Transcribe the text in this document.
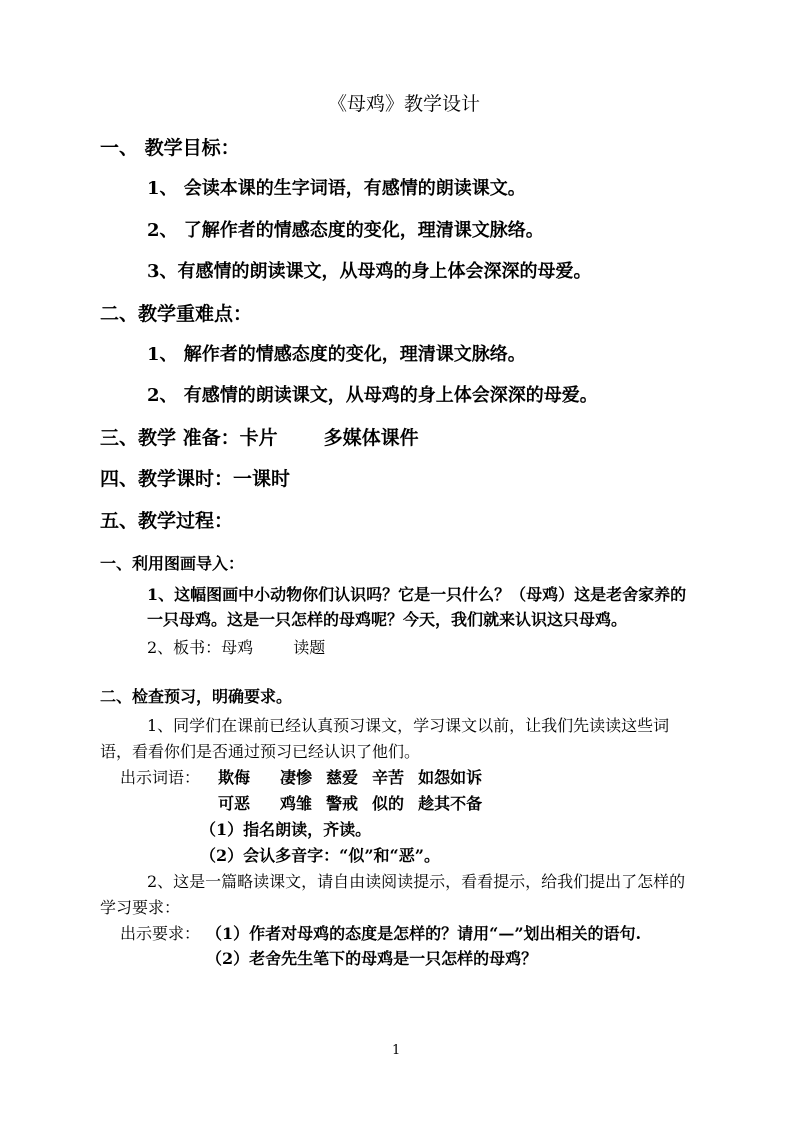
《母鸡》教学设计
一、 教学目标：
1、 会读本课的生字词语，有感情的朗读课文。
2、 了解作者的情感态度的变化，理清课文脉络。
3、有感情的朗读课文，从母鸡的身上体会深深的母爱。
二、教学重难点：
1、 解作者的情感态度的变化，理清课文脉络。
2、 有感情的朗读课文，从母鸡的身上体会深深的母爱。
三、教学 准备：卡片 多媒体课件
四、教学课时：一课时
五、教学过程：
一、利用图画导入：
1、这幅图画中小动物你们认识吗？它是一只什么？（母鸡）这是老舍家养的
一只母鸡。这是一只怎样的母鸡呢？今天，我们就来认识这只母鸡。
2、板书：母鸡	读题
二、检查预习，明确要求。
1、同学们在课前已经认真预习课文，学习课文以前，让我们先读读这些词
语，看看你们是否通过预习已经认识了他们。
出示词语： 欺侮 凄惨 慈爱 辛苦 如怨如诉
可恶 鸡雏 警戒 似的 趁其不备
（1）指名朗读，齐读。
（2）会认多音字：“似”和“恶”。
2、这是一篇略读课文，请自由读阅读提示，看看提示，给我们提出了怎样的
学习要求：
出示要求： （1）作者对母鸡的态度是怎样的？请用“—”划出相关的语句.
（2）老舍先生笔下的母鸡是一只怎样的母鸡？
1
